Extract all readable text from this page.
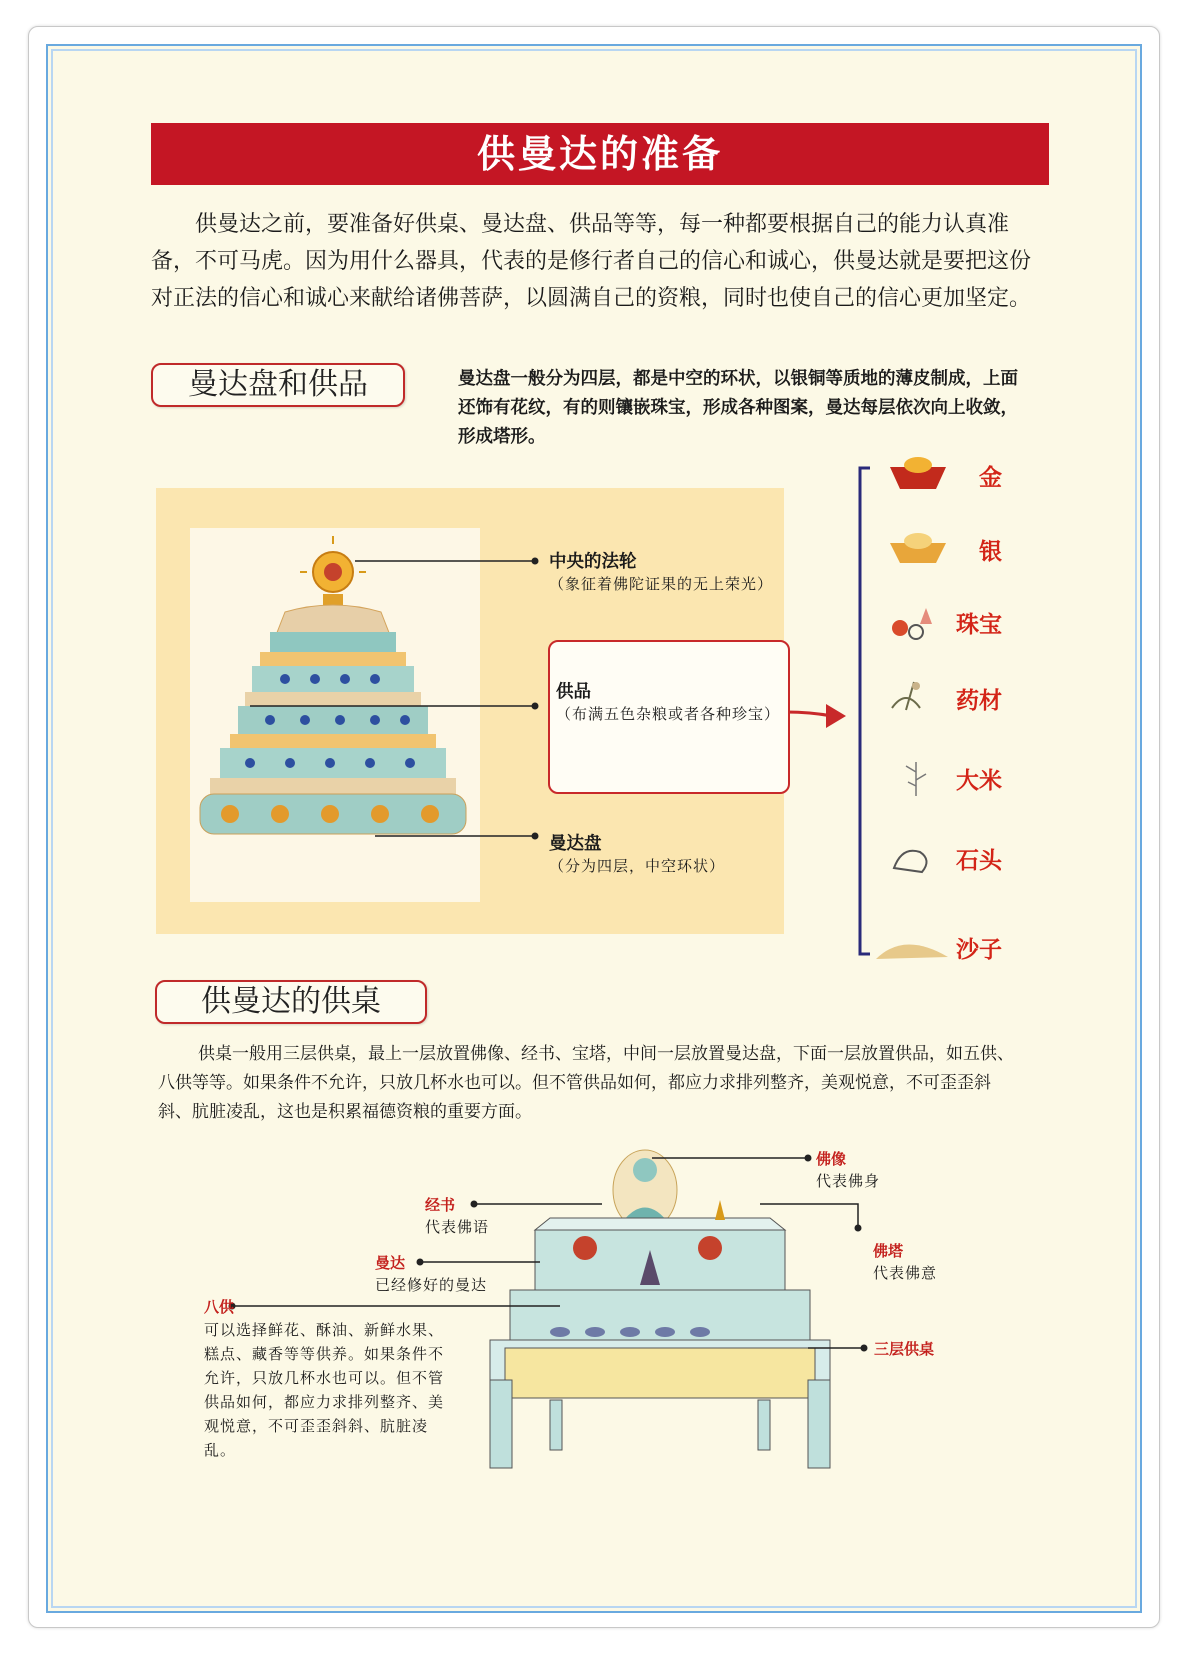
供曼达的准备

供曼达之前，要准备好供桌、曼达盘、供品等等，每一种都要根据自己的能力认真准备，不可马虎。因为用什么器具，代表的是修行者自己的信心和诚心，供曼达就是要把这份对正法的信心和诚心来献给诸佛菩萨，以圆满自己的资粮，同时也使自己的信心更加坚定。

曼达盘和供品	曼达盘一般分为四层，都是中空的环状，以银铜等质地的薄皮制成，上面还饰有花纹，有的则镶嵌珠宝，形成各种图案，曼达每层依次向上收敛，形成塔形。

中央的法轮
（象征着佛陀证果的无上荣光）
供品
（布满五色杂粮或者各种珍宝）
曼达盘
（分为四层，中空环状）
金
银
珠宝
药材
大米
石头
沙子
供曼达的供桌

供桌一般用三层供桌，最上一层放置佛像、经书、宝塔，中间一层放置曼达盘，下面一层放置供品，如五供、八供等等。如果条件不允许，只放几杯水也可以。但不管供品如何，都应力求排列整齐，美观悦意，不可歪歪斜斜、肮脏凌乱，这也是积累福德资粮的重要方面。

佛像
代表佛身
经书
代表佛语
佛塔
代表佛意
曼达
已经修好的曼达
八供
可以选择鲜花、酥油、新鲜水果、糕点、藏香等等供养。如果条件不允许，只放几杯水也可以。但不管供品如何，都应力求排列整齐、美观悦意，不可歪歪斜斜、肮脏凌乱。
三层供桌
